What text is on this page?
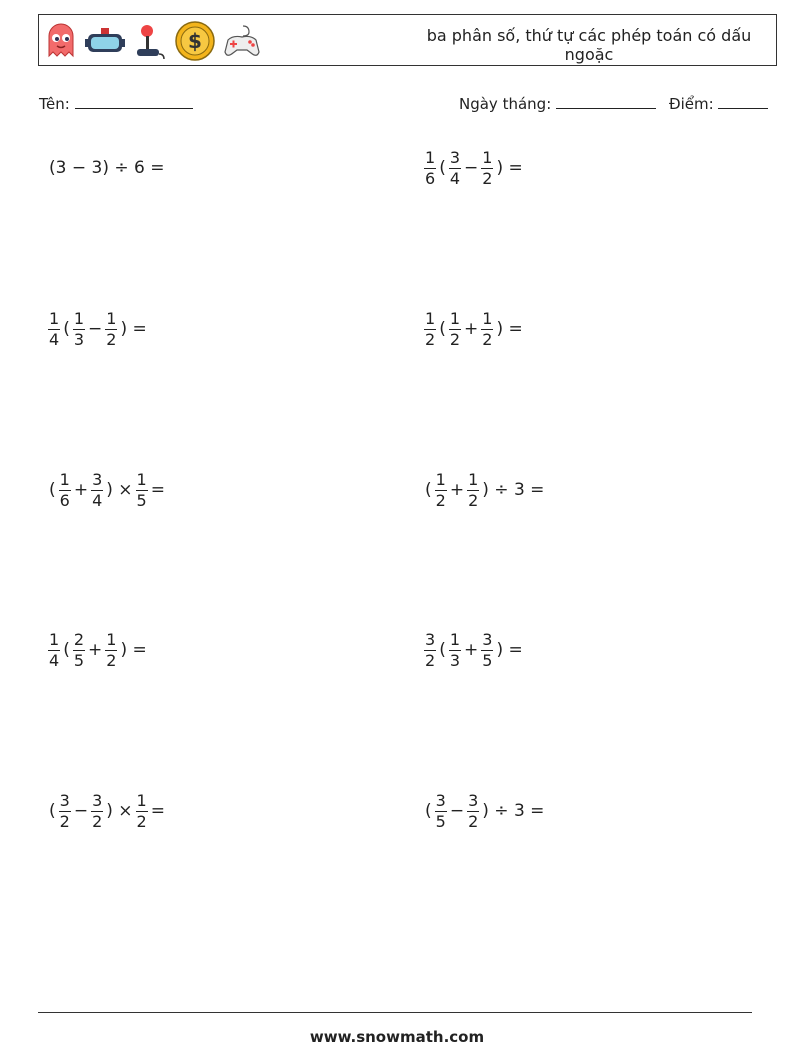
$	ba phân số, thứ tự các phép toán có dấu ngoặc
Tên:	Ngày tháng:	Điểm:
(3 − 3) ÷ 6 =	$\frac{1}{6}$ ( $\frac{3}{4} - \frac{1}{2}$ ) =
$\frac{1}{4}$ ( $\frac{1}{3} - \frac{1}{2}$ ) =	$\frac{1}{2}$ ( $\frac{1}{2} + \frac{1}{2}$ ) =
( $\frac{1}{6} + \frac{3}{4}$ ) × $\frac{1}{5}$ =	( $\frac{1}{2} + \frac{1}{2}$ ) ÷ 3 =
$\frac{1}{4}$ ( $\frac{2}{5} + \frac{1}{2}$ ) =	$\frac{3}{2}$ ( $\frac{1}{3} + \frac{3}{5}$ ) =
( $\frac{3}{2} - \frac{3}{2}$ ) × $\frac{1}{2}$ =	( $\frac{3}{5} - \frac{3}{2}$ ) ÷ 3 =
www.snowmath.com
